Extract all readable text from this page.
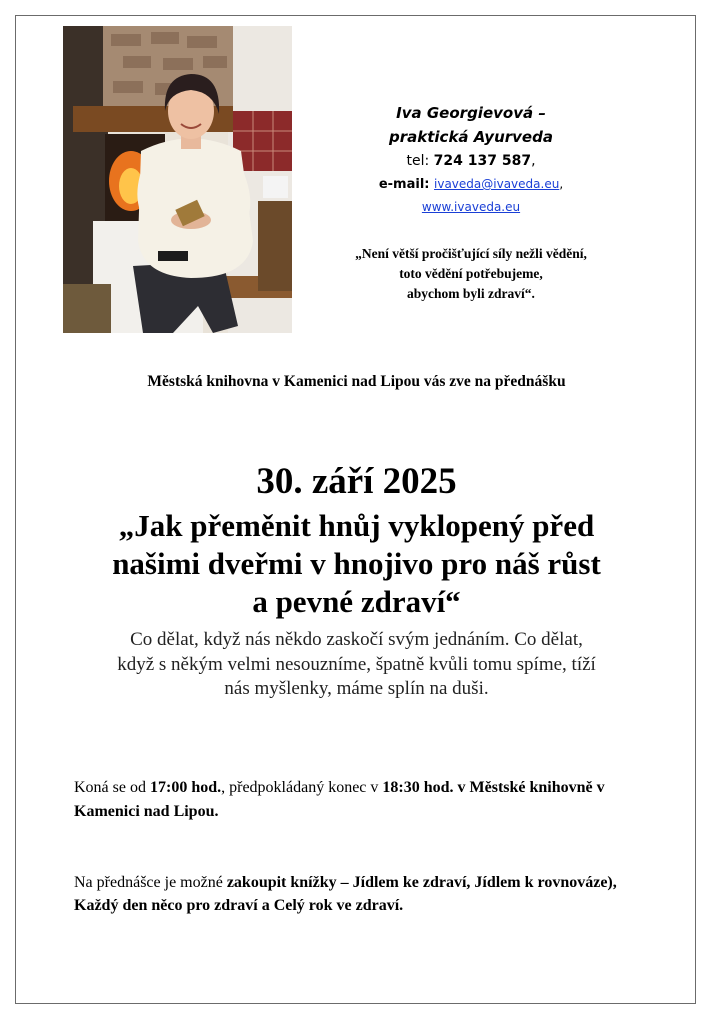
Iva Georgievová –
praktická Ayurveda
tel: 724 137 587,
e-mail: ivaveda@ivaveda.eu,
www.ivaveda.eu
„Není větší pročišťující síly nežli vědění,
toto vědění potřebujeme,
abychom byli zdraví“.
Městská knihovna v Kamenici nad Lipou vás zve na přednášku
30. září 2025
„Jak přeměnit hnůj vyklopený před
našimi dveřmi v hnojivo pro náš růst
a pevné zdraví“
Co dělat, když nás někdo zaskočí svým jednáním. Co dělat,
když s někým velmi nesouzníme, špatně kvůli tomu spíme, tíží
nás myšlenky, máme splín na duši.
Koná se od 17:00 hod., předpokládaný konec v 18:30 hod. v Městské knihovně v Kamenici nad Lipou.
Na přednášce je možné zakoupit knížky – Jídlem ke zdraví, Jídlem k rovnováze), Každý den něco pro zdraví a Celý rok ve zdraví.
